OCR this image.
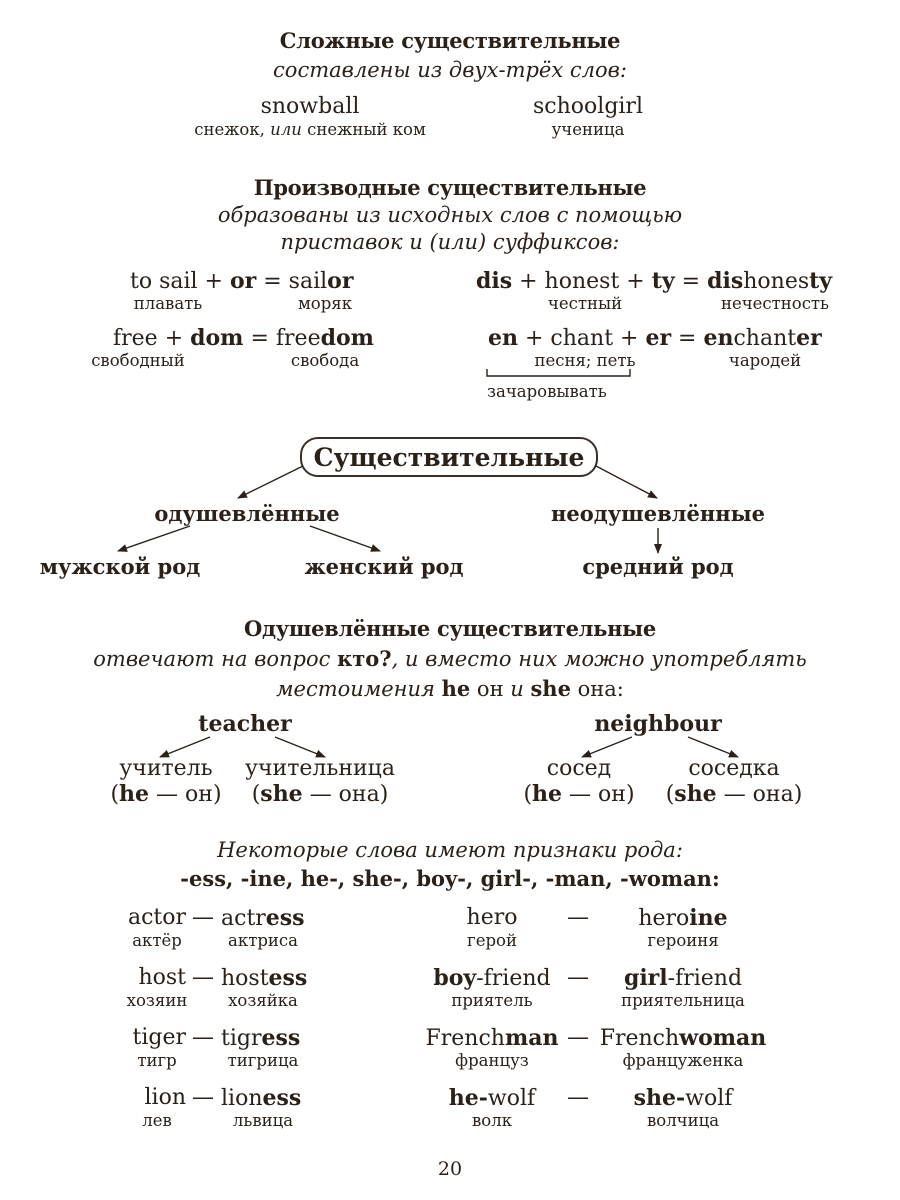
Сложные существительные
составлены из двух-трёх слов:
snowball
снежок, или снежный ком
schoolgirl
ученица
Производные существительные
образованы из исходных слов с помощью
приставок и (или) суффиксов:
to sail + or = sailor
плавать	моряк
dis + honest + ty = dishonesty
честный	нечестность
free + dom = freedom
свободный	свобода
en + chant + er = enchanter
песня; петь	чародей
зачаровывать
Существительные
одушевлённые	неодушевлённые
мужской род	женский род	средний род
Одушевлённые существительные
отвечают на вопрос кто?, и вместо них можно употреблять
местоимения he он и she она:
teacher
учитель учительница
(he — он) (she — она)
neighbour
сосед	соседка
(he — он) (she — она)
Некоторые слова имеют признаки рода:
-ess, -ine, he-, she-, boy-, girl-, -man, -woman:
actor — actress
актёр	актриса
host — hostess
хозяин хозяйка
tiger — tigress
тигр	тигрица
lion — lioness
лев	львица
hero — heroine
герой	героиня
boy-friend — girl-friend
приятель	приятельница
Frenchman — Frenchwoman
француз	француженка
he-wolf — she-wolf
волк	волчица
20
